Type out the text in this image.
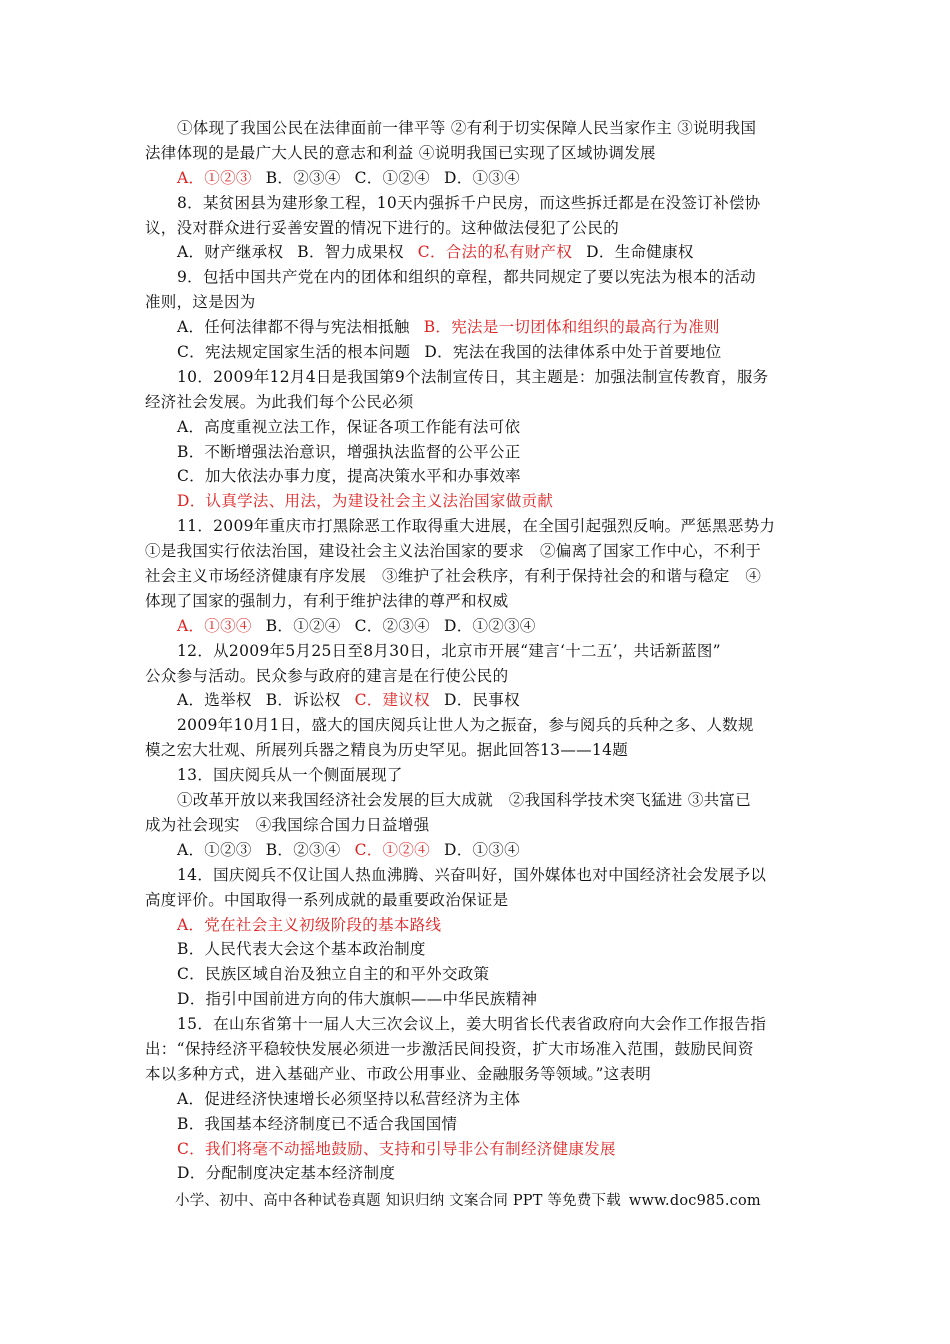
①体现了我国公民在法律面前一律平等 ②有利于切实保障人民当家作主 ③说明我国
法律体现的是最广大人民的意志和利益 ④说明我国已实现了区域协调发展
A．①②③ B．②③④ C．①②④ D．①③④
8．某贫困县为建形象工程，10天内强拆千户民房，而这些拆迁都是在没签订补偿协
议，没对群众进行妥善安置的情况下进行的。这种做法侵犯了公民的
A．财产继承权 B．智力成果权 C．合法的私有财产权 D．生命健康权
9．包括中国共产党在内的团体和组织的章程，都共同规定了要以宪法为根本的活动
准则，这是因为
A．任何法律都不得与宪法相抵触 B．宪法是一切团体和组织的最高行为准则
C．宪法规定国家生活的根本问题 D．宪法在我国的法律体系中处于首要地位
10．2009年12月4日是我国第9个法制宣传日，其主题是：加强法制宣传教育，服务
经济社会发展。为此我们每个公民必须
A．高度重视立法工作，保证各项工作能有法可依
B．不断增强法治意识，增强执法监督的公平公正
C．加大依法办事力度，提高决策水平和办事效率
D．认真学法、用法，为建设社会主义法治国家做贡献
11．2009年重庆市打黑除恶工作取得重大进展，在全国引起强烈反响。严惩黑恶势力
①是我国实行依法治国，建设社会主义法治国家的要求　②偏离了国家工作中心，不利于
社会主义市场经济健康有序发展　③维护了社会秩序，有利于保持社会的和谐与稳定　④
体现了国家的强制力，有利于维护法律的尊严和权威
A．①③④ B．①②④ C．②③④ D．①②③④
12．从2009年5月25日至8月30日，北京市开展“建言‘十二五’，共话新蓝图”
公众参与活动。民众参与政府的建言是在行使公民的
A．选举权 B．诉讼权 C．建议权 D．民事权
2009年10月1日，盛大的国庆阅兵让世人为之振奋，参与阅兵的兵种之多、人数规
模之宏大壮观、所展列兵器之精良为历史罕见。据此回答13——14题
13．国庆阅兵从一个侧面展现了
①改革开放以来我国经济社会发展的巨大成就　②我国科学技术突飞猛进 ③共富已
成为社会现实　④我国综合国力日益增强
A．①②③ B．②③④ C．①②④ D．①③④
14．国庆阅兵不仅让国人热血沸腾、兴奋叫好，国外媒体也对中国经济社会发展予以
高度评价。中国取得一系列成就的最重要政治保证是
A．党在社会主义初级阶段的基本路线
B．人民代表大会这个基本政治制度
C．民族区域自治及独立自主的和平外交政策
D．指引中国前进方向的伟大旗帜——中华民族精神
15．在山东省第十一届人大三次会议上，姜大明省长代表省政府向大会作工作报告指
出：“保持经济平稳较快发展必须进一步激活民间投资，扩大市场准入范围，鼓励民间资
本以多种方式，进入基础产业、市政公用事业、金融服务等领域。”这表明
A．促进经济快速增长必须坚持以私营经济为主体
B．我国基本经济制度已不适合我国国情
C．我们将毫不动摇地鼓励、支持和引导非公有制经济健康发展
D．分配制度决定基本经济制度
小学、初中、高中各种试卷真题 知识归纳 文案合同 PPT 等免费下载 www.doc985.com
